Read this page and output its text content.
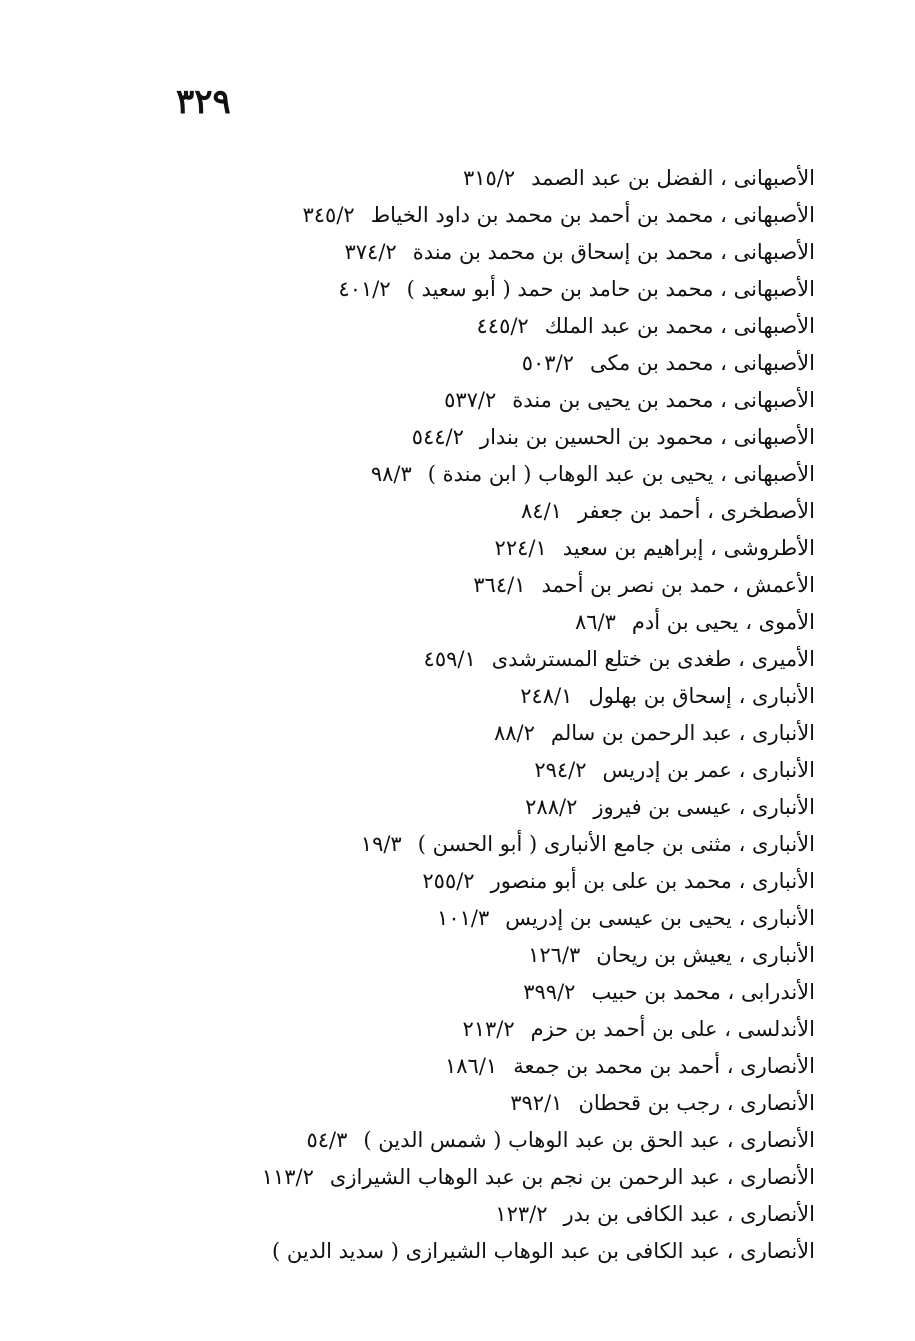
٣٢٩
الأصبهانى ، الفضل بن عبد الصمد٣١٥/٢
الأصبهانى ، محمد بن أحمد بن محمد بن داود الخياط٣٤٥/٢
الأصبهانى ، محمد بن إسحاق بن محمد بن مندة٣٧٤/٢
الأصبهانى ، محمد بن حامد بن حمد ( أبو سعيد )٤٠١/٢
الأصبهانى ، محمد بن عبد الملك٤٤٥/٢
الأصبهانى ، محمد بن مكى٥٠٣/٢
الأصبهانى ، محمد بن يحيى بن مندة٥٣٧/٢
الأصبهانى ، محمود بن الحسين بن بندار٥٤٤/٢
الأصبهانى ، يحيى بن عبد الوهاب ( ابن مندة )٩٨/٣
الأصطخرى ، أحمد بن جعفر٨٤/١
الأطروشى ، إبراهيم بن سعيد٢٢٤/١
الأعمش ، حمد بن نصر بن أحمد٣٦٤/١
الأموى ، يحيى بن أدم٨٦/٣
الأميرى ، طغدى بن ختلع المسترشدى٤٥٩/١
الأنبارى ، إسحاق بن بهلول٢٤٨/١
الأنبارى ، عبد الرحمن بن سالم٨٨/٢
الأنبارى ، عمر بن إدريس٢٩٤/٢
الأنبارى ، عيسى بن فيروز٢٨٨/٢
الأنبارى ، مثنى بن جامع الأنبارى ( أبو الحسن )١٩/٣
الأنبارى ، محمد بن على بن أبو منصور٢٥٥/٢
الأنبارى ، يحيى بن عيسى بن إدريس١٠١/٣
الأنبارى ، يعيش بن ريحان١٢٦/٣
الأندرابى ، محمد بن حبيب٣٩٩/٢
الأندلسى ، على بن أحمد بن حزم٢١٣/٢
الأنصارى ، أحمد بن محمد بن جمعة١٨٦/١
الأنصارى ، رجب بن قحطان٣٩٢/١
الأنصارى ، عبد الحق بن عبد الوهاب ( شمس الدين )٥٤/٣
الأنصارى ، عبد الرحمن بن نجم بن عبد الوهاب الشيرازى١١٣/٢
الأنصارى ، عبد الكافى بن بدر١٢٣/٢
الأنصارى ، عبد الكافى بن عبد الوهاب الشيرازى ( سديد الدين )
